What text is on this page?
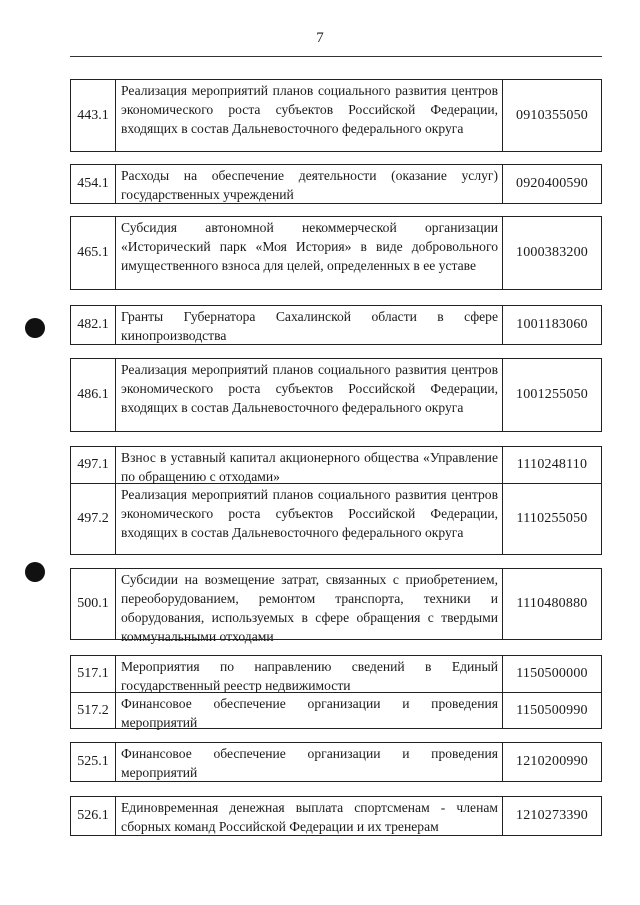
7
443.1
Реализация мероприятий планов социального развития центров экономического роста субъектов Российской Федерации, входящих в состав Дальневосточного федерального округа
0910355050
454.1
Расходы на обеспечение деятельности (оказание услуг) государственных учреждений
0920400590
465.1
Субсидия автономной некоммерческой организации «Исторический парк «Моя История» в виде добровольного имущественного взноса для целей, определенных в ее уставе
1000383200
482.1
Гранты Губернатора Сахалинской области в сфере кинопроизводства
1001183060
486.1
Реализация мероприятий планов социального развития центров экономического роста субъектов Российской Федерации, входящих в состав Дальневосточного федерального округа
1001255050
497.1 Взнос в уставный капитал акционерного общества «Управление по обращению с отходами»
1110248110
497.2
Реализация мероприятий планов социального развития центров экономического роста субъектов Российской Федерации, входящих в состав Дальневосточного федерального округа
1110255050
500.1
Субсидии на возмещение затрат, связанных с приобретением, переоборудованием, ремонтом транспорта, техники и оборудования, используемых в сфере обращения с твердыми коммунальными отходами
1110480880
517.1 Мероприятия по направлению сведений в Единый государственный реестр недвижимости
1150500000
517.2 Финансовое обеспечение организации и проведения мероприятий
1150500990
525.1
Финансовое обеспечение организации и проведения мероприятий
1210200990
526.1
Единовременная денежная выплата спортсменам - членам сборных команд Российской Федерации и их тренерам
1210273390
